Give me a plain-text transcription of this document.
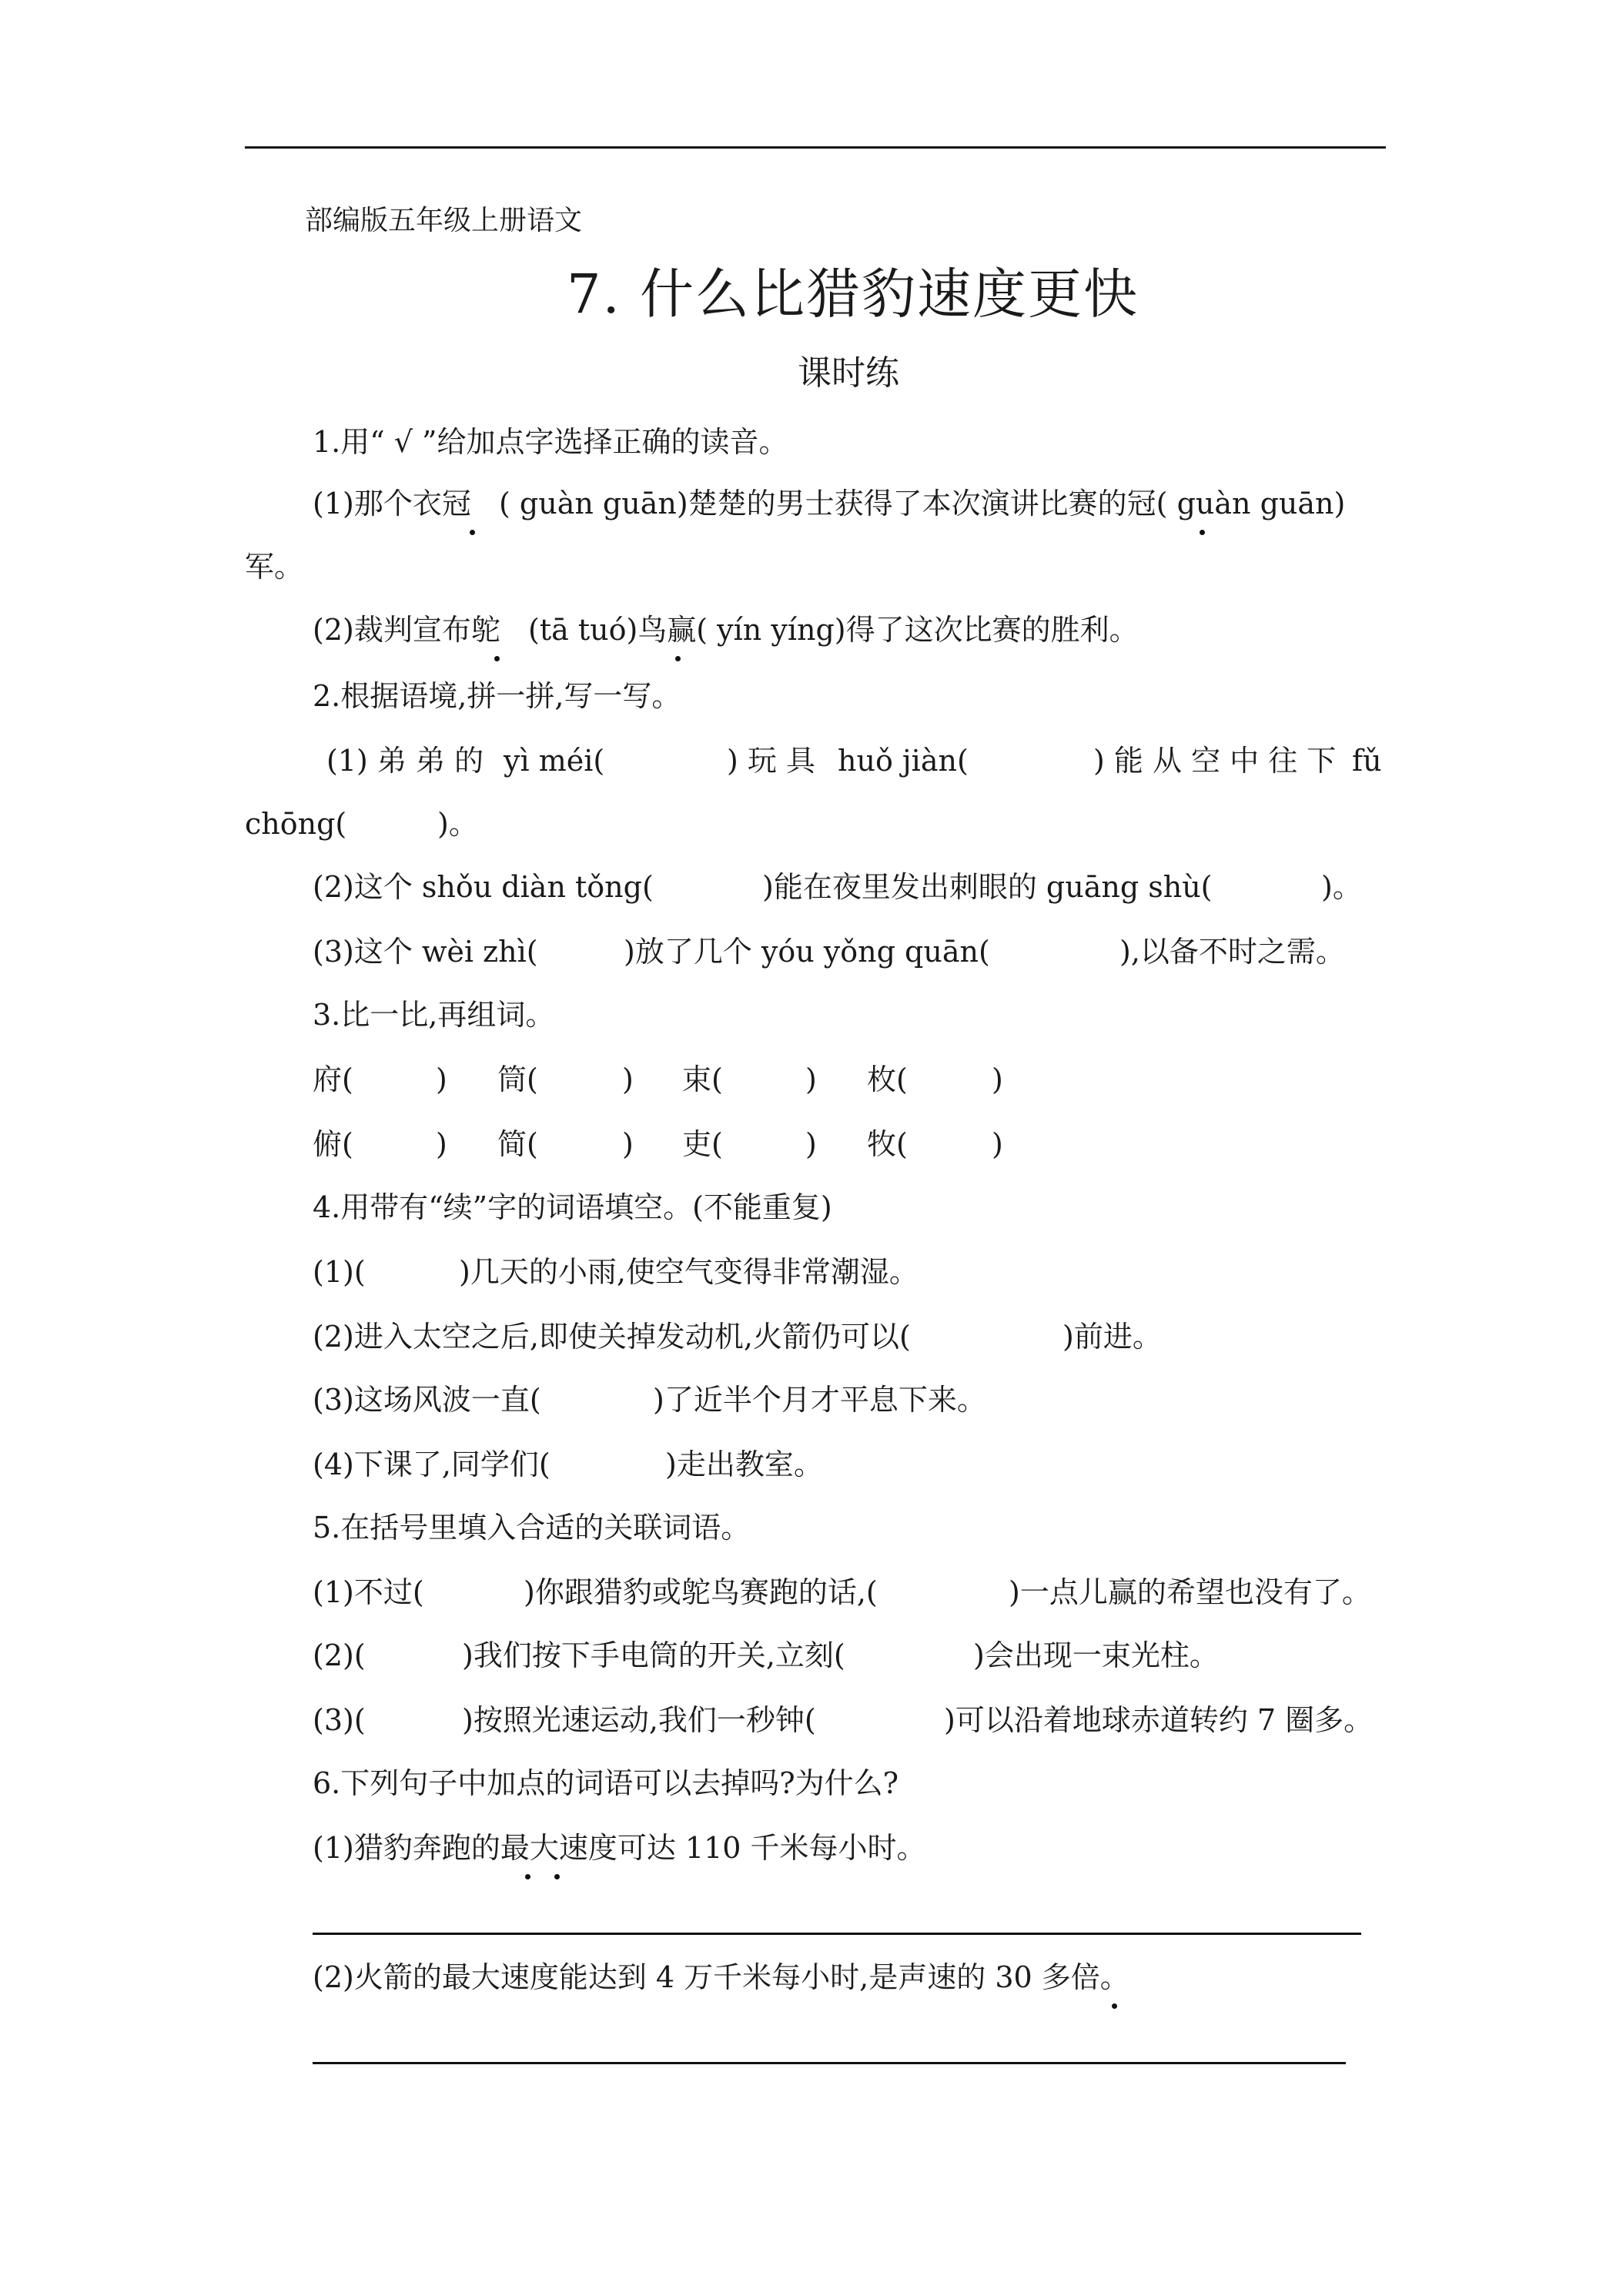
部编版五年级上册语文
7. 什么比猎豹速度更快
课时练
1.用“ √ ”给加点字选择正确的读音。
(1)那个衣冠 ( guàn guān)楚楚的男士获得了本次演讲比赛的冠( guàn guān)
军。
(2)裁判宣布鸵 (tā tuó)鸟赢( yín yíng)得了这次比赛的胜利。
2.根据语境,拼一拼,写一写。
(1) 弟 弟 的 yì méi(	) 玩 具 huǒ jiàn(	) 能 从 空 中 往 下 fǔ
chōng(	)。
(2)这个 shǒu diàn tǒng(	)能在夜里发出刺眼的 guāng shù(	)。
(3)这个 wèi zhì(	)放了几个 yóu yǒng quān(	),以备不时之需。
3.比一比,再组词。
府(	) 筒(	) 束(	) 枚(	)
俯(	) 简(	) 吏(	) 牧(	)
4.用带有“续”字的词语填空。(不能重复)
(1)(	)几天的小雨,使空气变得非常潮湿。
(2)进入太空之后,即使关掉发动机,火箭仍可以(	)前进。
(3)这场风波一直(	)了近半个月才平息下来。
(4)下课了,同学们(	)走出教室。
5.在括号里填入合适的关联词语。
(1)不过(	)你跟猎豹或鸵鸟赛跑的话,(	)一点儿赢的希望也没有了。
(2)(	)我们按下手电筒的开关,立刻(	)会出现一束光柱。
(3)(	)按照光速运动,我们一秒钟(	)可以沿着地球赤道转约 7 圈多。
6.下列句子中加点的词语可以去掉吗?为什么?
(1)猎豹奔跑的最大速度可达 110 千米每小时。
(2)火箭的最大速度能达到 4 万千米每小时,是声速的 30 多倍。
